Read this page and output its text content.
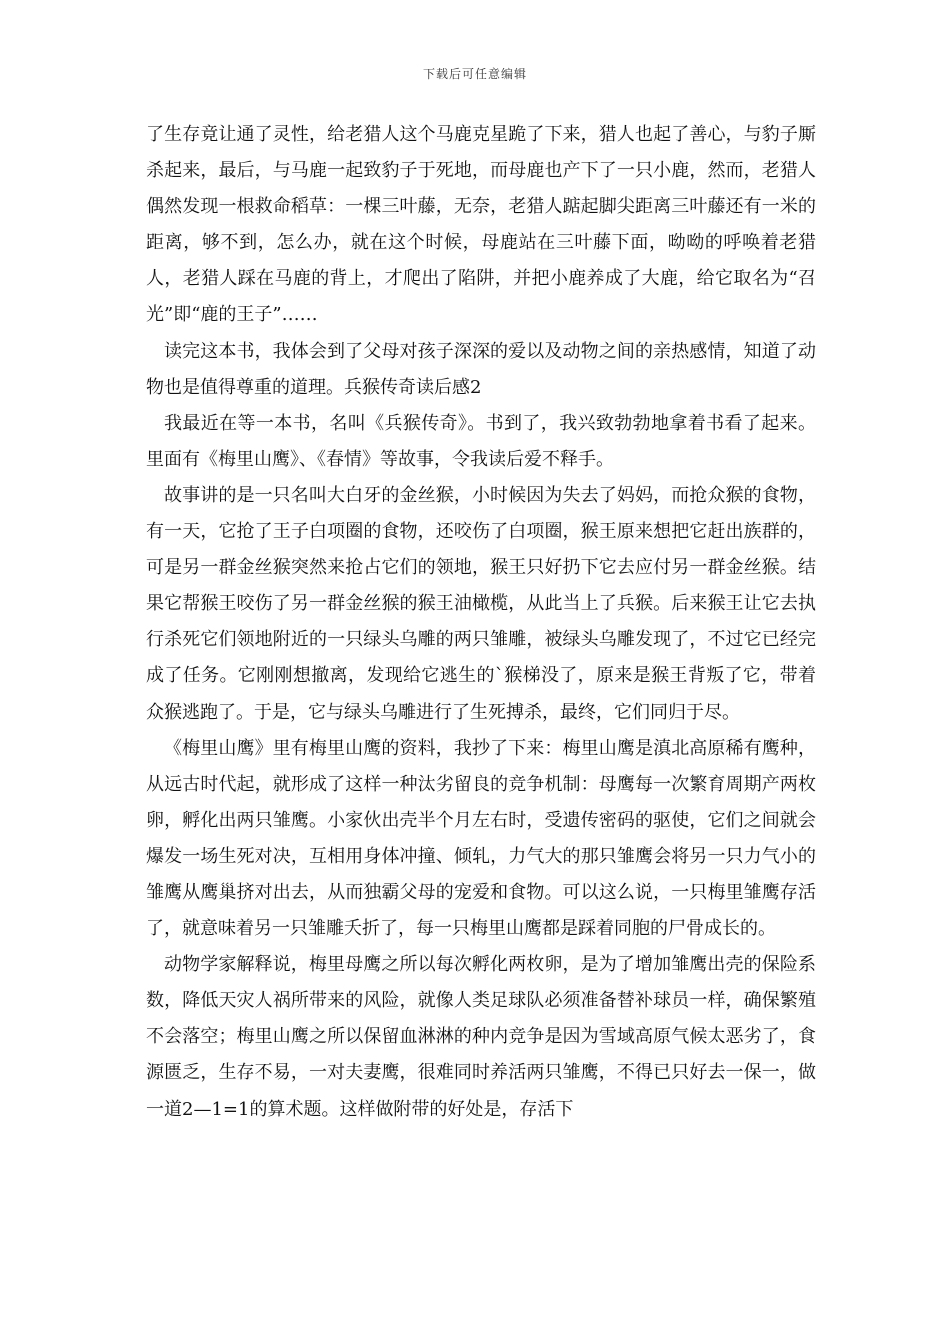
下载后可任意编辑

了生存竟让通了灵性，给老猎人这个马鹿克星跪了下来，猎人也起了善心，与豹子厮杀起来，最后，与马鹿一起致豹子于死地，而母鹿也产下了一只小鹿，然而，老猎人偶然发现一根救命稻草：一棵三叶藤，无奈，老猎人踮起脚尖距离三叶藤还有一米的距离，够不到，怎么办，就在这个时候，母鹿站在三叶藤下面，呦呦的呼唤着老猎人，老猎人踩在马鹿的背上，才爬出了陷阱，并把小鹿养成了大鹿，给它取名为“召光”即“鹿的王子”……

读完这本书，我体会到了父母对孩子深深的爱以及动物之间的亲热感情，知道了动物也是值得尊重的道理。兵猴传奇读后感2

我最近在等一本书，名叫《兵猴传奇》。书到了，我兴致勃勃地拿着书看了起来。里面有《梅里山鹰》、《春情》等故事，令我读后爱不释手。

故事讲的是一只名叫大白牙的金丝猴，小时候因为失去了妈妈，而抢众猴的食物，有一天，它抢了王子白项圈的食物，还咬伤了白项圈，猴王原来想把它赶出族群的，可是另一群金丝猴突然来抢占它们的领地，猴王只好扔下它去应付另一群金丝猴。结果它帮猴王咬伤了另一群金丝猴的猴王油橄榄，从此当上了兵猴。后来猴王让它去执行杀死它们领地附近的一只绿头乌雕的两只雏雕，被绿头乌雕发现了，不过它已经完成了任务。它刚刚想撤离，发现给它逃生的`猴梯没了，原来是猴王背叛了它，带着众猴逃跑了。于是，它与绿头乌雕进行了生死搏杀，最终，它们同归于尽。

《梅里山鹰》里有梅里山鹰的资料，我抄了下来：梅里山鹰是滇北高原稀有鹰种，从远古时代起，就形成了这样一种汰劣留良的竞争机制：母鹰每一次繁育周期产两枚卵，孵化出两只雏鹰。小家伙出壳半个月左右时，受遗传密码的驱使，它们之间就会爆发一场生死对决，互相用身体冲撞、倾轧，力气大的那只雏鹰会将另一只力气小的雏鹰从鹰巢挤对出去，从而独霸父母的宠爱和食物。可以这么说，一只梅里雏鹰存活了，就意味着另一只雏雕夭折了，每一只梅里山鹰都是踩着同胞的尸骨成长的。

动物学家解释说，梅里母鹰之所以每次孵化两枚卵，是为了增加雏鹰出壳的保险系数，降低天灾人祸所带来的风险，就像人类足球队必须准备替补球员一样，确保繁殖不会落空；梅里山鹰之所以保留血淋淋的种内竞争是因为雪域高原气候太恶劣了，食源匮乏，生存不易，一对夫妻鹰，很难同时养活两只雏鹰，不得已只好去一保一，做一道2—1=1的算术题。这样做附带的好处是，存活下
